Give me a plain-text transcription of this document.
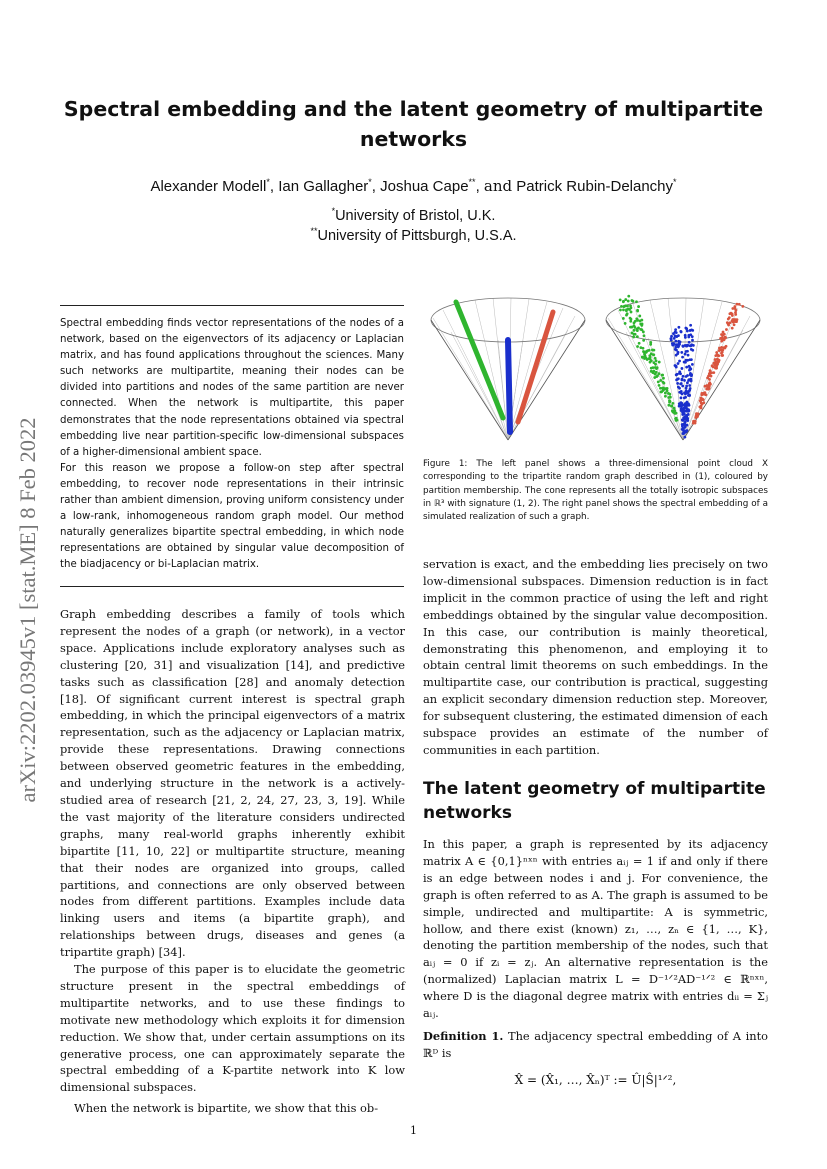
Spectral embedding and the latent geometry of multipartite networks
Alexander Modell*, Ian Gallagher*, Joshua Cape**, and Patrick Rubin-Delanchy*
*University of Bristol, U.K.
**University of Pittsburgh, U.S.A.
arXiv:2202.03945v1 [stat.ME] 8 Feb 2022

Spectral embedding finds vector representations of the nodes of a network, based on the eigenvectors of its adjacency or Laplacian matrix, and has found applications throughout the sciences. Many such networks are multipartite, meaning their nodes can be divided into partitions and nodes of the same partition are never connected. When the network is multipartite, this paper demonstrates that the node representations obtained via spectral embedding live near partition-specific low-dimensional subspaces of a higher-dimensional ambient space.

For this reason we propose a follow-on step after spectral embedding, to recover node representations in their intrinsic rather than ambient dimension, proving uniform consistency under a low-rank, inhomogeneous random graph model. Our method naturally generalizes bipartite spectral embedding, in which node representations are obtained by singular value decomposition of the biadjacency or bi-Laplacian matrix.

Graph embedding describes a family of tools which represent the nodes of a graph (or network), in a vector space. Applications include exploratory analyses such as clustering [20, 31] and visualization [14], and predictive tasks such as classification [28] and anomaly detection [18]. Of significant current interest is spectral graph embedding, in which the principal eigenvectors of a matrix representation, such as the adjacency or Laplacian matrix, provide these representations. Drawing connections between observed geometric features in the embedding, and underlying structure in the network is a actively-studied area of research [21, 2, 24, 27, 23, 3, 19]. While the vast majority of the literature considers undirected graphs, many real-world graphs inherently exhibit bipartite [11, 10, 22] or multipartite structure, meaning that their nodes are organized into groups, called partitions, and connections are only observed between nodes from different partitions. Examples include data linking users and items (a bipartite graph), and relationships between drugs, diseases and genes (a tripartite graph) [34].

The purpose of this paper is to elucidate the geometric structure present in the spectral embeddings of multipartite networks, and to use these findings to motivate new methodology which exploits it for dimension reduction. We show that, under certain assumptions on its generative process, one can approximately separate the spectral embedding of a K-partite network into K low dimensional subspaces.

When the network is bipartite, we show that this ob-

Figure 1: The left panel shows a three-dimensional point cloud X corresponding to the tripartite random graph described in (1), coloured by partition membership. The cone represents all the totally isotropic subspaces in ℝ³ with signature (1, 2). The right panel shows the spectral embedding of a simulated realization of such a graph.

servation is exact, and the embedding lies precisely on two low-dimensional subspaces. Dimension reduction is in fact implicit in the common practice of using the left and right embeddings obtained by the singular value decomposition. In this case, our contribution is mainly theoretical, demonstrating this phenomenon, and employing it to obtain central limit theorems on such embeddings. In the multipartite case, our contribution is practical, suggesting an explicit secondary dimension reduction step. Moreover, for subsequent clustering, the estimated dimension of each subspace provides an estimate of the number of communities in each partition.

The latent geometry of multipartite networks

In this paper, a graph is represented by its adjacency matrix A ∈ {0,1}ⁿˣⁿ with entries aᵢⱼ = 1 if and only if there is an edge between nodes i and j. For convenience, the graph is often referred to as A. The graph is assumed to be simple, undirected and multipartite: A is symmetric, hollow, and there exist (known) z₁, …, zₙ ∈ {1, …, K}, denoting the partition membership of the nodes, such that aᵢⱼ = 0 if zᵢ = zⱼ. An alternative representation is the (normalized) Laplacian matrix L = D⁻¹ᐟ²AD⁻¹ᐟ² ∈ ℝⁿˣⁿ, where D is the diagonal degree matrix with entries dᵢᵢ = Σⱼ aᵢⱼ.

Definition 1. The adjacency spectral embedding of A into ℝᴰ is

X̂ = (X̂₁, …, X̂ₙ)ᵀ := Û|Ŝ|¹ᐟ²,
1
